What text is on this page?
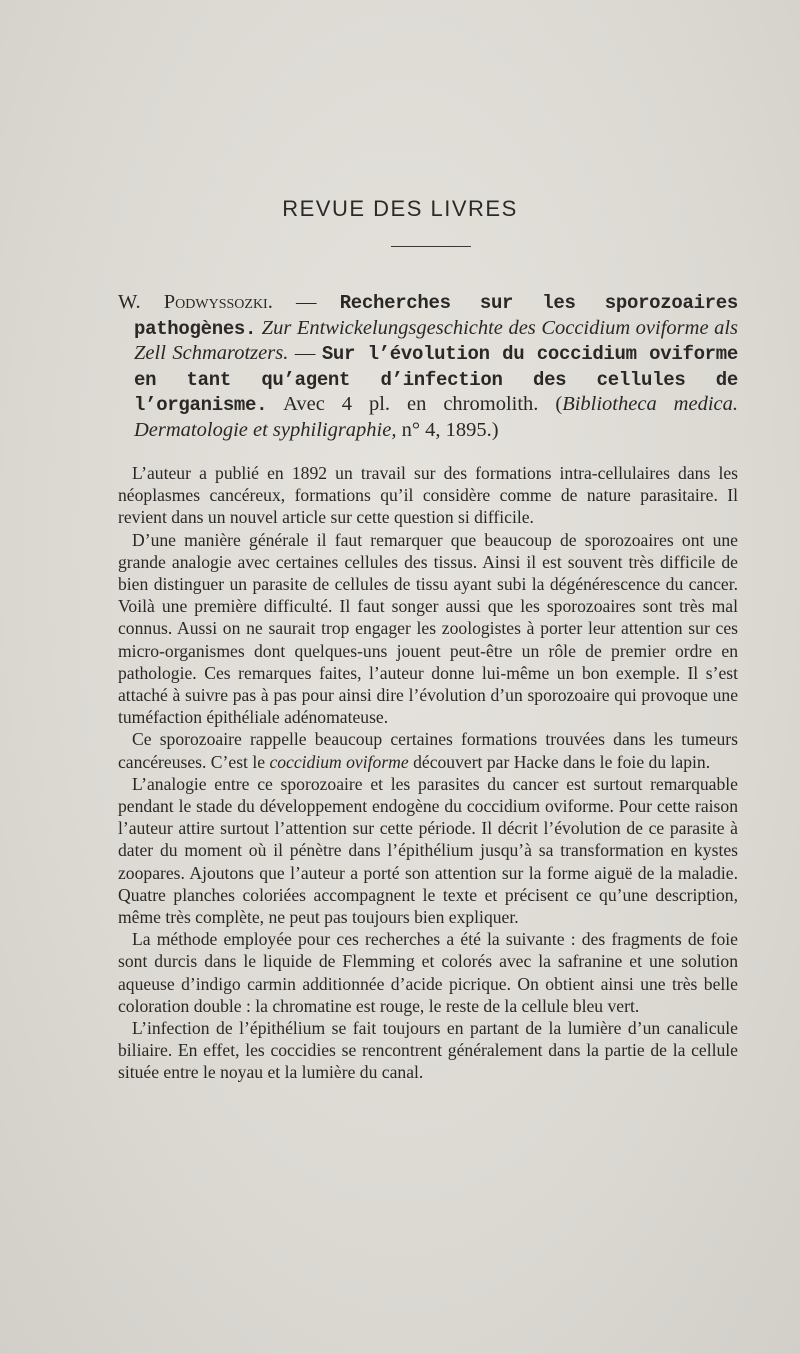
REVUE DES LIVRES
W. Podwyssozki. — Recherches sur les sporozoaires pathogènes. Zur Entwickelungsgeschichte des Coccidium oviforme als Zell Schmarotzers. — Sur l’évolution du coccidium oviforme en tant qu’agent d’infection des cellules de l’organisme. Avec 4 pl. en chromolith. (Bibliotheca medica. Dermatologie et syphiligraphie, n° 4, 1895.)

L’auteur a publié en 1892 un travail sur des formations intra-cellulaires dans les néoplasmes cancéreux, formations qu’il considère comme de nature parasitaire. Il revient dans un nouvel article sur cette question si difficile.

D’une manière générale il faut remarquer que beaucoup de sporozoaires ont une grande analogie avec certaines cellules des tissus. Ainsi il est souvent très difficile de bien distinguer un parasite de cellules de tissu ayant subi la dégénérescence du cancer. Voilà une première difficulté. Il faut songer aussi que les sporozoaires sont très mal connus. Aussi on ne saurait trop engager les zoologistes à porter leur attention sur ces micro-organismes dont quelques-uns jouent peut-être un rôle de premier ordre en pathologie. Ces remarques faites, l’auteur donne lui-même un bon exemple. Il s’est attaché à suivre pas à pas pour ainsi dire l’évolution d’un sporozoaire qui provoque une tuméfaction épithéliale adénomateuse.

Ce sporozoaire rappelle beaucoup certaines formations trouvées dans les tumeurs cancéreuses. C’est le coccidium oviforme découvert par Hacke dans le foie du lapin.

L’analogie entre ce sporozoaire et les parasites du cancer est surtout remarquable pendant le stade du développement endogène du coccidium oviforme. Pour cette raison l’auteur attire surtout l’attention sur cette période. Il décrit l’évolution de ce parasite à dater du moment où il pénètre dans l’épithélium jusqu’à sa transformation en kystes zoopares. Ajoutons que l’auteur a porté son attention sur la forme aiguë de la maladie. Quatre planches coloriées accompagnent le texte et précisent ce qu’une description, même très complète, ne peut pas toujours bien expliquer.

La méthode employée pour ces recherches a été la suivante : des fragments de foie sont durcis dans le liquide de Flemming et colorés avec la safranine et une solution aqueuse d’indigo carmin additionnée d’acide picrique. On obtient ainsi une très belle coloration double : la chromatine est rouge, le reste de la cellule bleu vert.

L’infection de l’épithélium se fait toujours en partant de la lumière d’un canalicule biliaire. En effet, les coccidies se rencontrent généralement dans la partie de la cellule située entre le noyau et la lumière du canal.
